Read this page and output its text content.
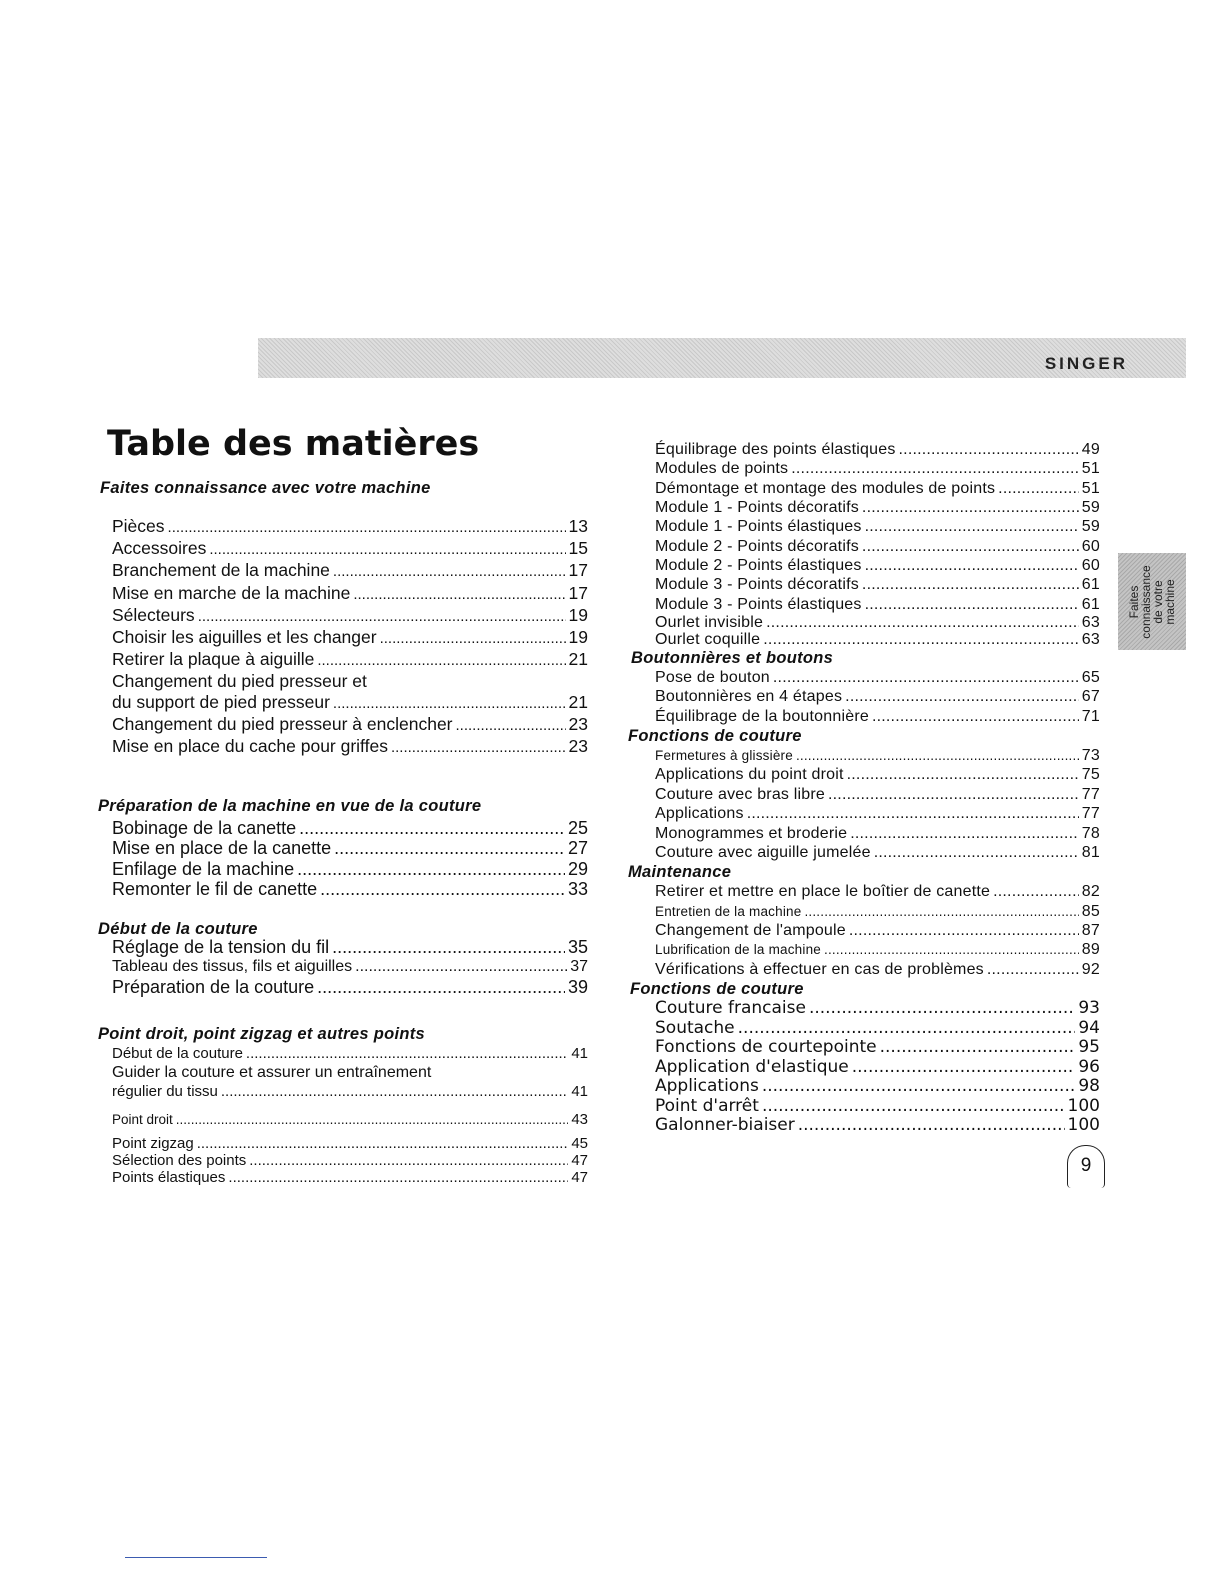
SINGER
Table des matières
Faites
connaissance
de votre
machine
Faites connaissance avec votre machine
Pièces .....	13
Accessoires .....	15
Branchement de la machine .....	17
Mise en marche de la machine .....	17
Sélecteurs .....	19
Choisir les aiguilles et les changer .....	19
Retirer la plaque à aiguille .....	21
Changement du pied presseur et
du support de pied presseur .....	21
Changement du pied presseur à enclencher .....	23
Mise en place du cache pour griffes .....	23
Préparation de la machine en vue de la couture
Bobinage de la canette .....	25
Mise en place de la canette .....	27
Enfilage de la machine .....	29
Remonter le fil de canette .....	33
Début de la couture
Réglage de la tension du fil .....	35
Tableau des tissus, fils et aiguilles .....	37
Préparation de la couture .....	39
Point droit, point zigzag et autres points
Début de la couture .....	41
Guider la couture et assurer un entraînement
régulier du tissu .....	41
Point droit .....	43
Point zigzag .....	45
Sélection des points .....	47
Points élastiques .....	47
Équilibrage des points élastiques .....	49
Modules de points .....	51
Démontage et montage des modules de points .....	51
Module 1 - Points décoratifs .....	59
Module 1 - Points élastiques .....	59
Module 2 - Points décoratifs .....	60
Module 2 - Points élastiques .....	60
Module 3 - Points décoratifs .....	61
Module 3 - Points élastiques .....	61
Ourlet invisible .....	63
Ourlet coquille .....	63
Boutonnières et boutons
Pose de bouton .....	65
Boutonnières en 4 étapes .....	67
Équilibrage de la boutonnière .....	71
Fonctions de couture
Fermetures à glissière .....	73
Applications du point droit .....	75
Couture avec bras libre .....	77
Applications .....	77
Monogrammes et broderie .....	78
Couture avec aiguille jumelée .....	81
Maintenance
Retirer et mettre en place le boîtier de canette .....	82
Entretien de la machine .....	85
Changement de l'ampoule .....	87
Lubrification de la machine .....	89
Vérifications à effectuer en cas de problèmes .....	92
Fonctions de couture
Couture francaise .....	93
Soutache .....	94
Fonctions de courtepointe .....	95
Application d'elastique .....	96
Applications .....	98
Point d'arrêt .....	100
Galonner-biaiser .....	100
9
